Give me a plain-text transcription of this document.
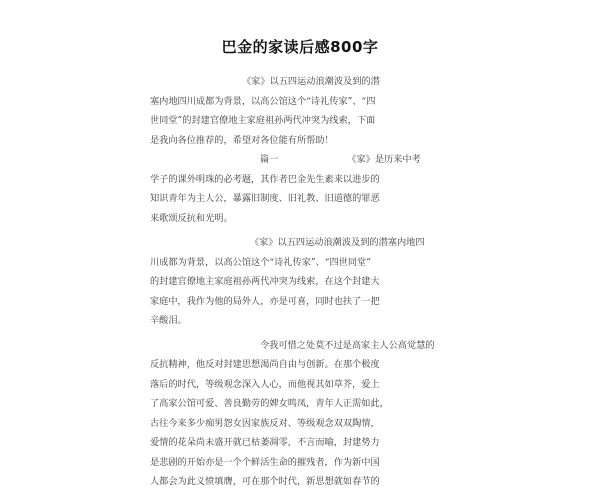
巴金的家读后感800字
《家》以五四运动浪潮波及到的潜
塞内地四川成都为背景，以高公馆这个“诗礼传家”、“四
世同堂”的封建官僚地主家庭祖孙两代冲突为线索，下面
是我向各位推荐的，希望对各位能有所帮助！
篇一　　　　　　　　《家》是历来中考
学子的课外明珠的必考题，其作者巴金先生素来以进步的
知识青年为主人公，暴露旧制度、旧礼教、旧道德的罪恶
来歌颂反抗和光明。
《家》以五四运动浪潮波及到的潜塞内地四
川成都为背景，以高公馆这个“诗礼传家”、“四世同堂”
的封建官僚地主家庭祖孙两代冲突为线索，在这个封建大
家庭中，我作为他的局外人，亦是可喜，同时也扶了一把
辛酸泪。
令我可惜之处莫不过是高家主人公高觉慧的
反抗精神，他反对封建思想渴尚自由与创新。在那个极度
落后的时代，等级观念深入人心，而他视其如草芥，爱上
了高家公馆可爱、善良勤劳的婢女鸣凤，青年人正需如此，
古往今来多少痴男怨女因家族反对、等级观念双双陶情，
爱情的花朵尚未盛开就已枯萎凋零，不言而喻，封建势力
是悲剧的开始亦是一个个鲜活生命的摧残者，作为新中国
人都会为此义愤填膺，可在那个时代，新思想就如春节的
